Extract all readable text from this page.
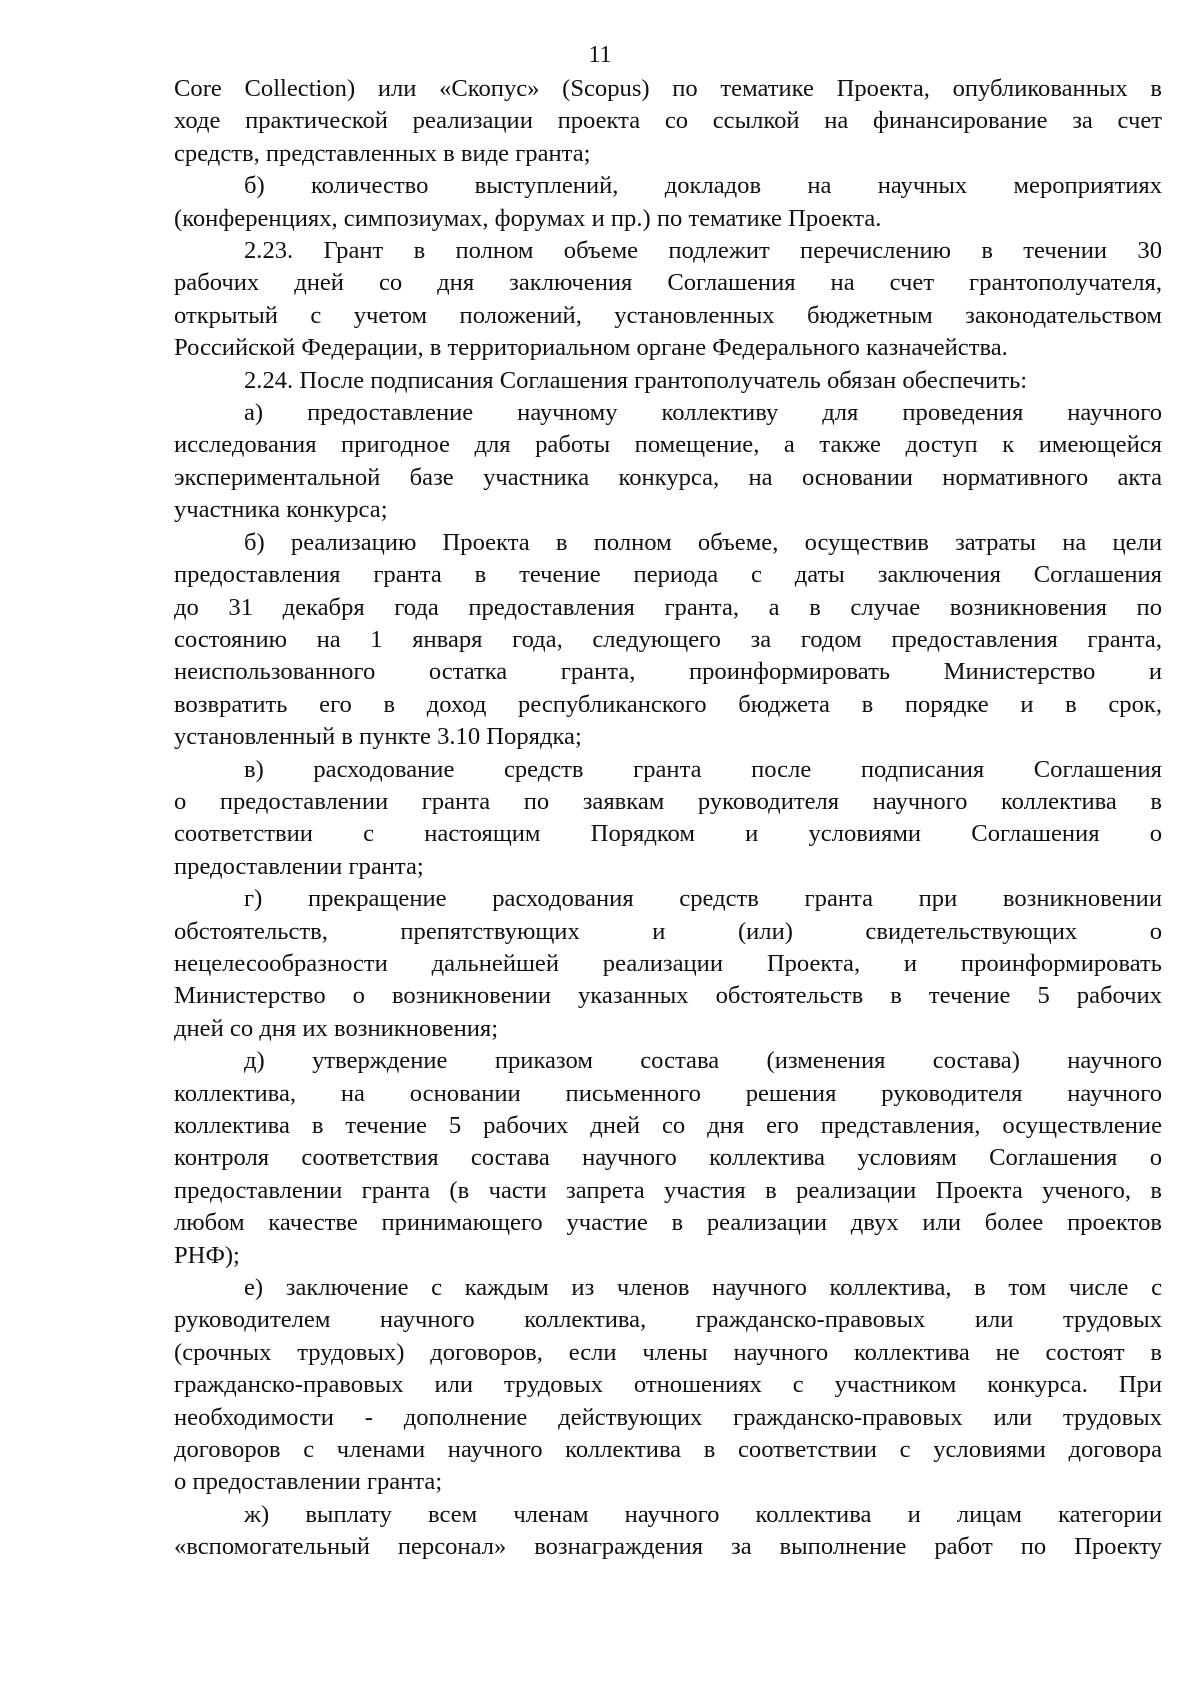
11
Core Collection) или «Скопус» (Scopus) по тематике Проекта, опубликованных в
ходе практической реализации проекта со ссылкой на финансирование за счет
средств, представленных в виде гранта;
б) количество выступлений, докладов на научных мероприятиях
(конференциях, симпозиумах, форумах и пр.) по тематике Проекта.
2.23. Грант в полном объеме подлежит перечислению в течении 30
рабочих дней со дня заключения Соглашения на счет грантополучателя,
открытый с учетом положений, установленных бюджетным законодательством
Российской Федерации, в территориальном органе Федерального казначейства.
2.24. После подписания Соглашения грантополучатель обязан обеспечить:
а) предоставление научному коллективу для проведения научного
исследования пригодное для работы помещение, а также доступ к имеющейся
экспериментальной базе участника конкурса, на основании нормативного акта
участника конкурса;
б) реализацию Проекта в полном объеме, осуществив затраты на цели
предоставления гранта в течение периода с даты заключения Соглашения
до 31 декабря года предоставления гранта, а в случае возникновения по
состоянию на 1 января года, следующего за годом предоставления гранта,
неиспользованного остатка гранта, проинформировать Министерство и
возвратить его в доход республиканского бюджета в порядке и в срок,
установленный в пункте 3.10 Порядка;
в) расходование средств гранта после подписания Соглашения
о предоставлении гранта по заявкам руководителя научного коллектива в
соответствии с настоящим Порядком и условиями Соглашения о
предоставлении гранта;
г) прекращение расходования средств гранта при возникновении
обстоятельств, препятствующих и (или) свидетельствующих о
нецелесообразности дальнейшей реализации Проекта, и проинформировать
Министерство о возникновении указанных обстоятельств в течение 5 рабочих
дней со дня их возникновения;
д) утверждение приказом состава (изменения состава) научного
коллектива, на основании письменного решения руководителя научного
коллектива в течение 5 рабочих дней со дня его представления, осуществление
контроля соответствия состава научного коллектива условиям Соглашения о
предоставлении гранта (в части запрета участия в реализации Проекта ученого, в
любом качестве принимающего участие в реализации двух или более проектов
РНФ);
е) заключение с каждым из членов научного коллектива, в том числе с
руководителем научного коллектива, гражданско-правовых или трудовых
(срочных трудовых) договоров, если члены научного коллектива не состоят в
гражданско-правовых или трудовых отношениях с участником конкурса. При
необходимости - дополнение действующих гражданско-правовых или трудовых
договоров с членами научного коллектива в соответствии с условиями договора
о предоставлении гранта;
ж) выплату всем членам научного коллектива и лицам категории
«вспомогательный персонал» вознаграждения за выполнение работ по Проекту
